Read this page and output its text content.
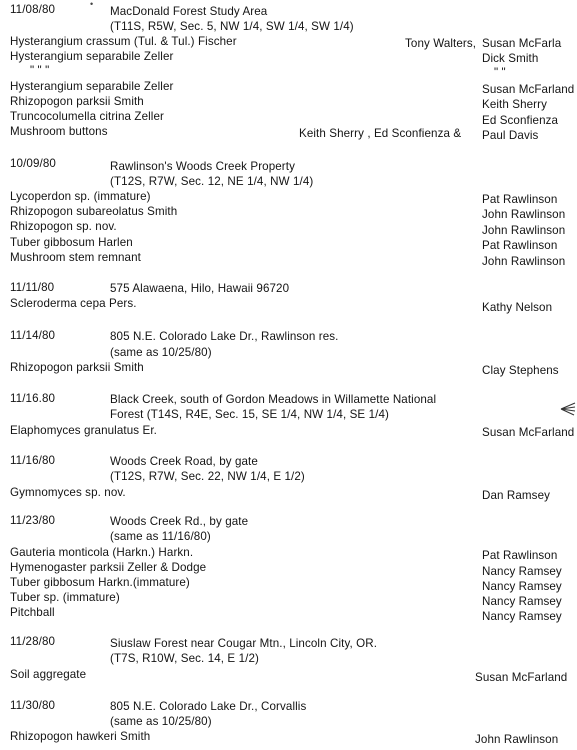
11/08/80	•
MacDonald Forest Study Area
(T11S, R5W, Sec. 5, NW 1/4, SW 1/4, SW 1/4)
Hysterangium crassum (Tul. & Tul.) Fischer	Tony Walters, Susan McFarla
Hysterangium separabile Zeller	Dick Smith
" " "	" "
Hysterangium separabile Zeller	Susan McFarland
Rhizopogon parksii Smith	Keith Sherry
Truncocolumella citrina Zeller	Ed Sconfienza
Mushroom buttons	Keith Sherry , Ed Sconfienza & Paul Davis
10/09/80	Rawlinson's Woods Creek Property
(T12S, R7W, Sec. 12, NE 1/4, NW 1/4)
Lycoperdon sp. (immature)	Pat Rawlinson
Rhizopogon subareolatus Smith	John Rawlinson
Rhizopogon sp. nov.	John Rawlinson
Tuber gibbosum Harlen	Pat Rawlinson
Mushroom stem remnant	John Rawlinson
11/11/80	575 Alawaena, Hilo, Hawaii 96720
Scleroderma cepa Pers.	Kathy Nelson
11/14/80	805 N.E. Colorado Lake Dr., Rawlinson res.
(same as 10/25/80)
Rhizopogon parksii Smith	Clay Stephens
11/16.80	Black Creek, south of Gordon Meadows in Willamette National
Forest (T14S, R4E, Sec. 15, SE 1/4, NW 1/4, SE 1/4)
Elaphomyces granulatus Er.	Susan McFarland
11/16/80	Woods Creek Road, by gate
(T12S, R7W, Sec. 22, NW 1/4, E 1/2)
Gymnomyces sp. nov.	Dan Ramsey
11/23/80	Woods Creek Rd., by gate
(same as 11/16/80)
Gauteria monticola (Harkn.) Harkn.	Pat Rawlinson
Hymenogaster parksii Zeller & Dodge	Nancy Ramsey
Tuber gibbosum Harkn.(immature)	Nancy Ramsey
Tuber sp. (immature)	Nancy Ramsey
Pitchball	Nancy Ramsey
11/28/80	Siuslaw Forest near Cougar Mtn., Lincoln City, OR.
(T7S, R10W, Sec. 14, E 1/2)
Soil aggregate	Susan McFarland
11/30/80	805 N.E. Colorado Lake Dr., Corvallis
(same as 10/25/80)
Rhizopogon hawkeri Smith	John Rawlinson
